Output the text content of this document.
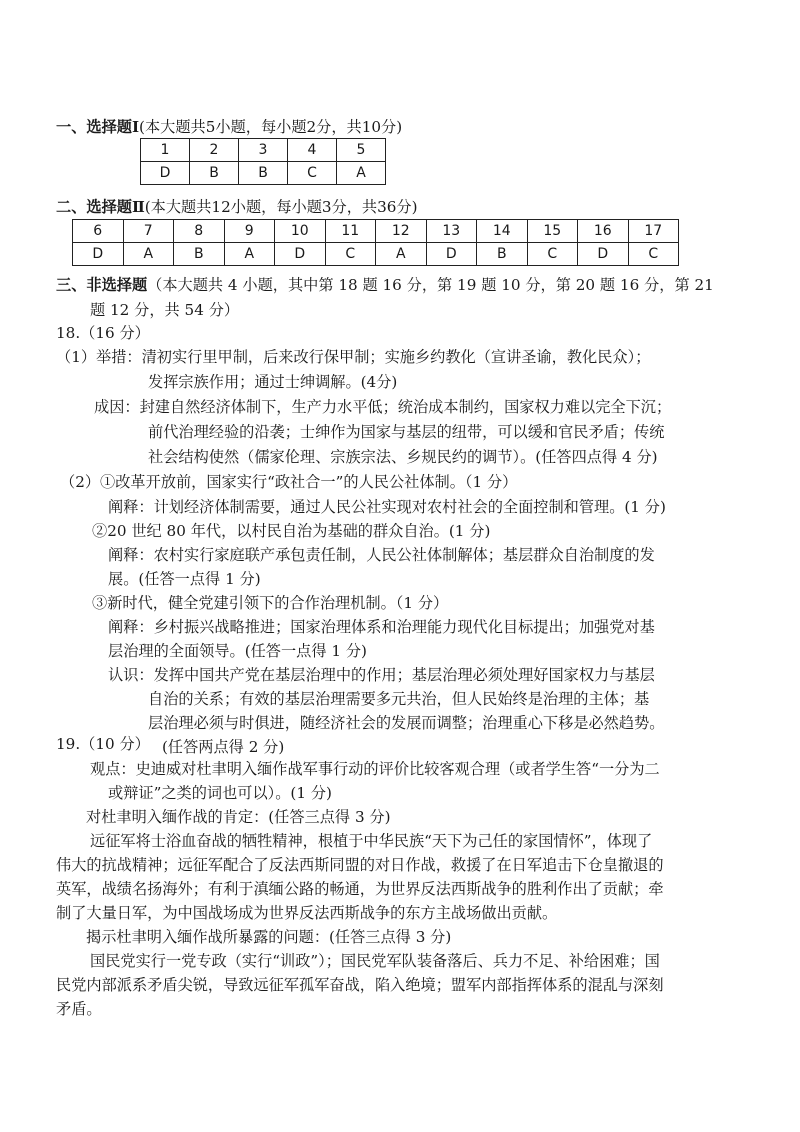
一、选择题Ⅰ(本大题共5小题，每小题2分，共10分)
1	2	3	4	5
D	B	B	C	A
二、选择题Ⅱ(本大题共12小题，每小题3分，共36分)
6	7	8	9	10	11	12	13	14	15	16	17
D	A	B	A	D	C	A	D	B	C	D	C
三、非选择题（本大题共 4 小题，其中第 18 题 16 分，第 19 题 10 分，第 20 题 16 分，第 21
题 12 分，共 54 分）
18.（16 分）
（1）举措：清初实行里甲制，后来改行保甲制；实施乡约教化（宣讲圣谕，教化民众）；
发挥宗族作用；通过士绅调解。(4分)
成因：封建自然经济体制下，生产力水平低；统治成本制约，国家权力难以完全下沉；
前代治理经验的沿袭；士绅作为国家与基层的纽带，可以缓和官民矛盾；传统
社会结构使然（儒家伦理、宗族宗法、乡规民约的调节）。(任答四点得 4 分)
（2）①改革开放前，国家实行“政社合一”的人民公社体制。（1 分）
阐释：计划经济体制需要，通过人民公社实现对农村社会的全面控制和管理。(1 分)
②20 世纪 80 年代，以村民自治为基础的群众自治。(1 分)
阐释：农村实行家庭联产承包责任制，人民公社体制解体；基层群众自治制度的发
展。(任答一点得 1 分)
③新时代，健全党建引领下的合作治理机制。（1 分）
阐释：乡村振兴战略推进；国家治理体系和治理能力现代化目标提出；加强党对基
层治理的全面领导。(任答一点得 1 分)
认识：发挥中国共产党在基层治理中的作用；基层治理必须处理好国家权力与基层
自治的关系；有效的基层治理需要多元共治，但人民始终是治理的主体；基
层治理必须与时俱进，随经济社会的发展而调整；治理重心下移是必然趋势。
(任答两点得 2 分)
19.（10 分）
观点：史迪威对杜聿明入缅作战军事行动的评价比较客观合理（或者学生答“一分为二
或辩证”之类的词也可以）。(1 分)
对杜聿明入缅作战的肯定：(任答三点得 3 分)
远征军将士浴血奋战的牺牲精神，根植于中华民族“天下为己任的家国情怀”，体现了
伟大的抗战精神；远征军配合了反法西斯同盟的对日作战，救援了在日军追击下仓皇撤退的
英军，战绩名扬海外；有利于滇缅公路的畅通，为世界反法西斯战争的胜利作出了贡献；牵
制了大量日军，为中国战场成为世界反法西斯战争的东方主战场做出贡献。
揭示杜聿明入缅作战所暴露的问题：(任答三点得 3 分)
国民党实行一党专政（实行“训政”）；国民党军队装备落后、兵力不足、补给困难；国
民党内部派系矛盾尖锐，导致远征军孤军奋战，陷入绝境；盟军内部指挥体系的混乱与深刻
矛盾。
